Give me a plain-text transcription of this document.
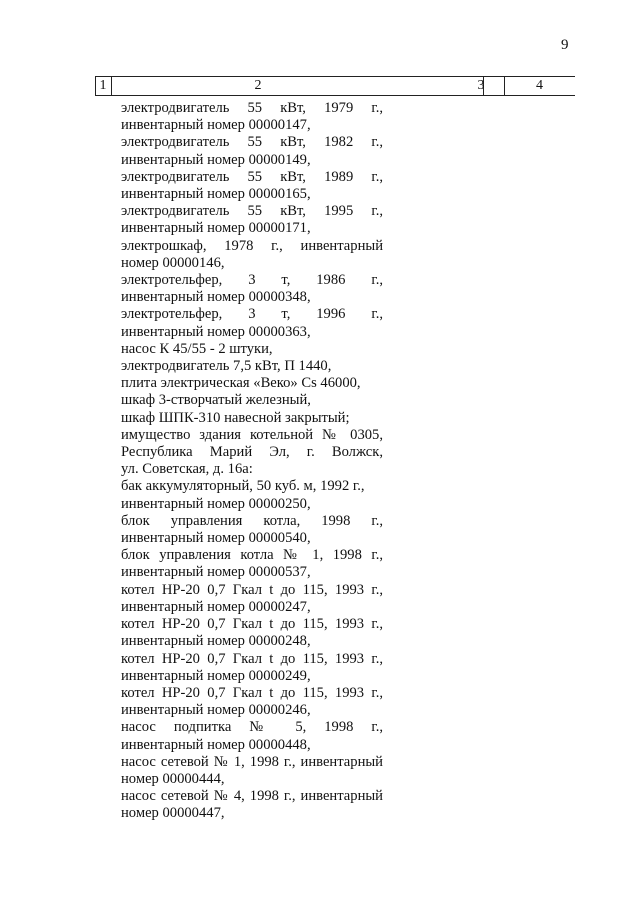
9
1	2	3	4
электродвигатель 55 кВт, 1979 г.,
инвентарный номер 00000147,
электродвигатель 55 кВт, 1982 г.,
инвентарный номер 00000149,
электродвигатель 55 кВт, 1989 г.,
инвентарный номер 00000165,
электродвигатель 55 кВт, 1995 г.,
инвентарный номер 00000171,
электрошкаф, 1978 г., инвентарный
номер 00000146,
электротельфер, 3 т, 1986 г.,
инвентарный номер 00000348,
электротельфер, 3 т, 1996 г.,
инвентарный номер 00000363,
насос К 45/55 - 2 штуки,
электродвигатель 7,5 кВт, П 1440,
плита электрическая «Веко» Cs 46000,
шкаф 3-створчатый железный,
шкаф ШПК-310 навесной закрытый;
имущество здания котельной № 0305,
Республика Марий Эл, г. Волжск,
ул. Советская, д. 16а:
бак аккумуляторный, 50 куб. м, 1992 г.,
инвентарный номер 00000250,
блок управления котла, 1998 г.,
инвентарный номер 00000540,
блок управления котла № 1, 1998 г.,
инвентарный номер 00000537,
котел НР-20 0,7 Гкал t до 115, 1993 г.,
инвентарный номер 00000247,
котел НР-20 0,7 Гкал t до 115, 1993 г.,
инвентарный номер 00000248,
котел НР-20 0,7 Гкал t до 115, 1993 г.,
инвентарный номер 00000249,
котел НР-20 0,7 Гкал t до 115, 1993 г.,
инвентарный номер 00000246,
насос подпитка № 5, 1998 г.,
инвентарный номер 00000448,
насос сетевой № 1, 1998 г., инвентарный
номер 00000444,
насос сетевой № 4, 1998 г., инвентарный
номер 00000447,
